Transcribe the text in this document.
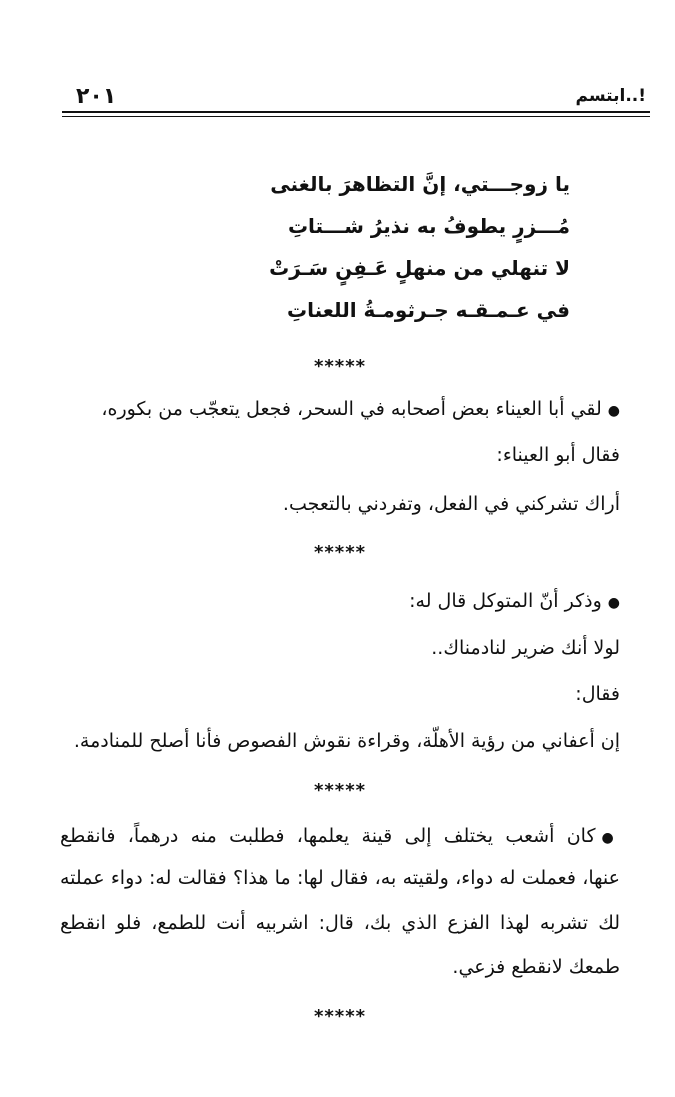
٢٠١	ابتسم..!
يا زوجـــتي، إنَّ التظاهرَ بالغنى
مُـــزرٍ يطوفُ به نذيرُ شـــتاتِ
لا تنهلي من منهلٍ عَـفِنٍ سَـرَتْ
في عـمـقـه جـرثومـةُ اللعناتِ
*****
●لقي أبا العيناء بعض أصحابه في السحر، فجعل يتعجّب من بكوره،
فقال أبو العيناء:
أراك تشركني في الفعل، وتفردني بالتعجب.
*****
●وذكر أنّ المتوكل قال له:
لولا أنك ضرير لنادمناك..
فقال:
إن أعفاني من رؤية الأهلّة، وقراءة نقوش الفصوص فأنا أصلح للمنادمة.
*****
●كان أشعب يختلف إلى قينة يعلمها، فطلبت منه درهماً، فانقطع
عنها، فعملت له دواء، ولقيته به، فقال لها: ما هذا؟ فقالت له: دواء عملته
لك تشربه لهذا الفزع الذي بك، قال: اشربيه أنت للطمع، فلو انقطع
طمعك لانقطع فزعي.
*****
